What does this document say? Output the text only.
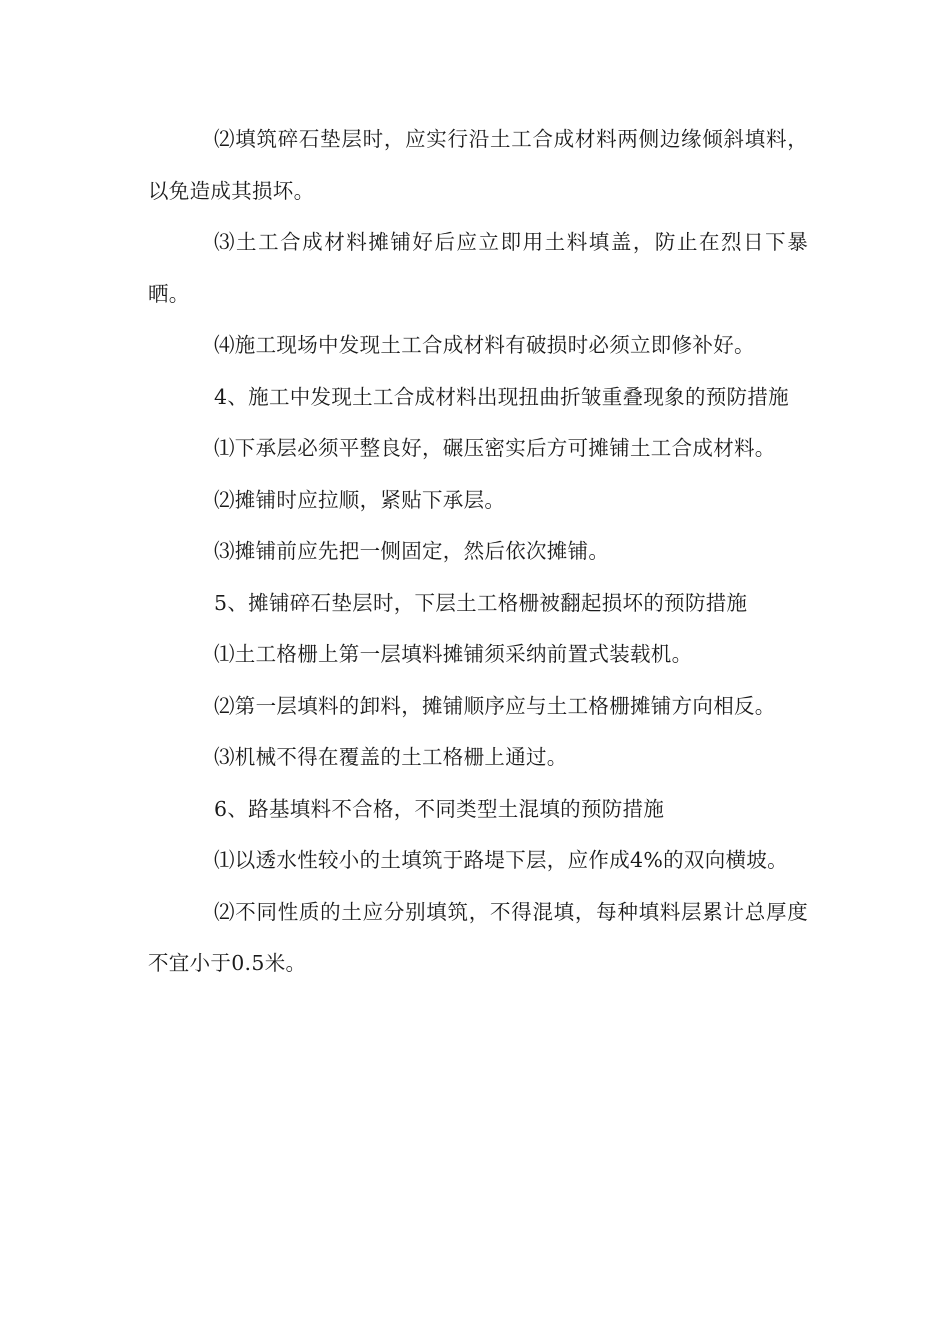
⑵填筑碎石垫层时，应实行沿土工合成材料两侧边缘倾斜填料，以免造成其损坏。

⑶土工合成材料摊铺好后应立即用土料填盖，防止在烈日下暴晒。

⑷施工现场中发现土工合成材料有破损时必须立即修补好。

4、施工中发现土工合成材料出现扭曲折皱重叠现象的预防措施

⑴下承层必须平整良好，碾压密实后方可摊铺土工合成材料。

⑵摊铺时应拉顺，紧贴下承层。

⑶摊铺前应先把一侧固定，然后依次摊铺。

5、摊铺碎石垫层时，下层土工格栅被翻起损坏的预防措施

⑴土工格栅上第一层填料摊铺须采纳前置式装载机。

⑵第一层填料的卸料，摊铺顺序应与土工格栅摊铺方向相反。

⑶机械不得在覆盖的土工格栅上通过。

6、路基填料不合格，不同类型土混填的预防措施

⑴以透水性较小的土填筑于路堤下层，应作成4%的双向横坡。

⑵不同性质的土应分别填筑，不得混填，每种填料层累计总厚度不宜小于0.5米。
